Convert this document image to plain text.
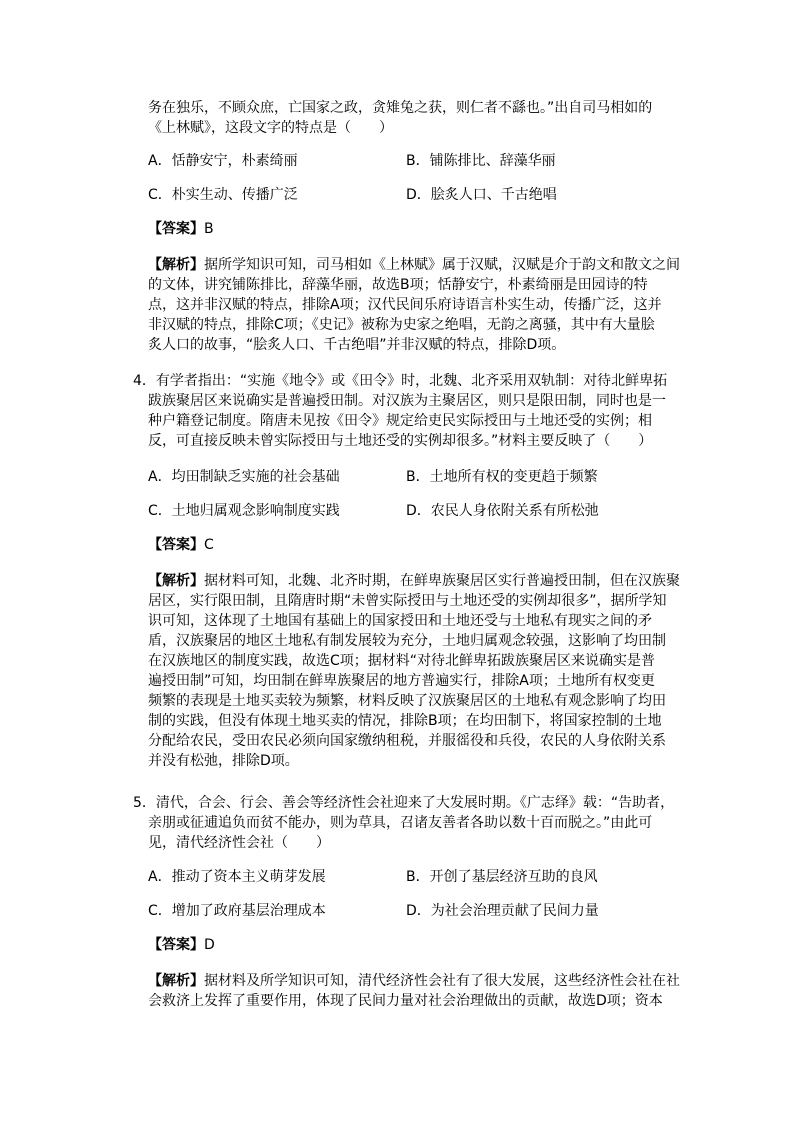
务在独乐，不顾众庶，亡国家之政，贪雉兔之获，则仁者不繇也。”出自司马相如的
《上林赋》，这段文字的特点是（　　）
A．恬静安宁，朴素绮丽	B．铺陈排比、辞藻华丽
C．朴实生动、传播广泛	D．脍炙人口、千古绝唱
【答案】B
【解析】据所学知识可知，司马相如《上林赋》属于汉赋，汉赋是介于韵文和散文之间
的文体，讲究铺陈排比，辞藻华丽，故选B项；恬静安宁，朴素绮丽是田园诗的特
点，这并非汉赋的特点，排除A项；汉代民间乐府诗语言朴实生动，传播广泛，这并
非汉赋的特点，排除C项；《史记》被称为史家之绝唱，无韵之离骚，其中有大量脍
炙人口的故事，“脍炙人口、千古绝唱”并非汉赋的特点，排除D项。
4．有学者指出：“实施《地令》或《田令》时，北魏、北齐采用双轨制：对待北鲜卑拓
跋族聚居区来说确实是普遍授田制。对汉族为主聚居区，则只是限田制，同时也是一
种户籍登记制度。隋唐未见按《田令》规定给吏民实际授田与土地还受的实例；相
反，可直接反映未曾实际授田与土地还受的实例却很多。”材料主要反映了（　　）
A．均田制缺乏实施的社会基础	B．土地所有权的变更趋于频繁
C．土地归属观念影响制度实践	D．农民人身依附关系有所松弛
【答案】C
【解析】据材料可知，北魏、北齐时期，在鲜卑族聚居区实行普遍授田制，但在汉族聚
居区，实行限田制，且隋唐时期“未曾实际授田与土地还受的实例却很多”，据所学知
识可知，这体现了土地国有基础上的国家授田和土地还受与土地私有现实之间的矛
盾，汉族聚居的地区土地私有制发展较为充分，土地归属观念较强，这影响了均田制
在汉族地区的制度实践，故选C项；据材料“对待北鲜卑拓跋族聚居区来说确实是普
遍授田制”可知，均田制在鲜卑族聚居的地方普遍实行，排除A项；土地所有权变更
频繁的表现是土地买卖较为频繁，材料反映了汉族聚居区的土地私有观念影响了均田
制的实践，但没有体现土地买卖的情况，排除B项；在均田制下，将国家控制的土地
分配给农民，受田农民必须向国家缴纳租税，并服徭役和兵役，农民的人身依附关系
并没有松弛，排除D项。
5．清代，合会、行会、善会等经济性会社迎来了大发展时期。《广志绎》载：“告助者，
亲朋或征逋追负而贫不能办，则为草具，召诸友善者各助以数十百而脱之。”由此可
见，清代经济性会社（　　）
A．推动了资本主义萌芽发展	B．开创了基层经济互助的良风
C．增加了政府基层治理成本	D．为社会治理贡献了民间力量
【答案】D
【解析】据材料及所学知识可知，清代经济性会社有了很大发展，这些经济性会社在社
会救济上发挥了重要作用，体现了民间力量对社会治理做出的贡献，故选D项；资本
